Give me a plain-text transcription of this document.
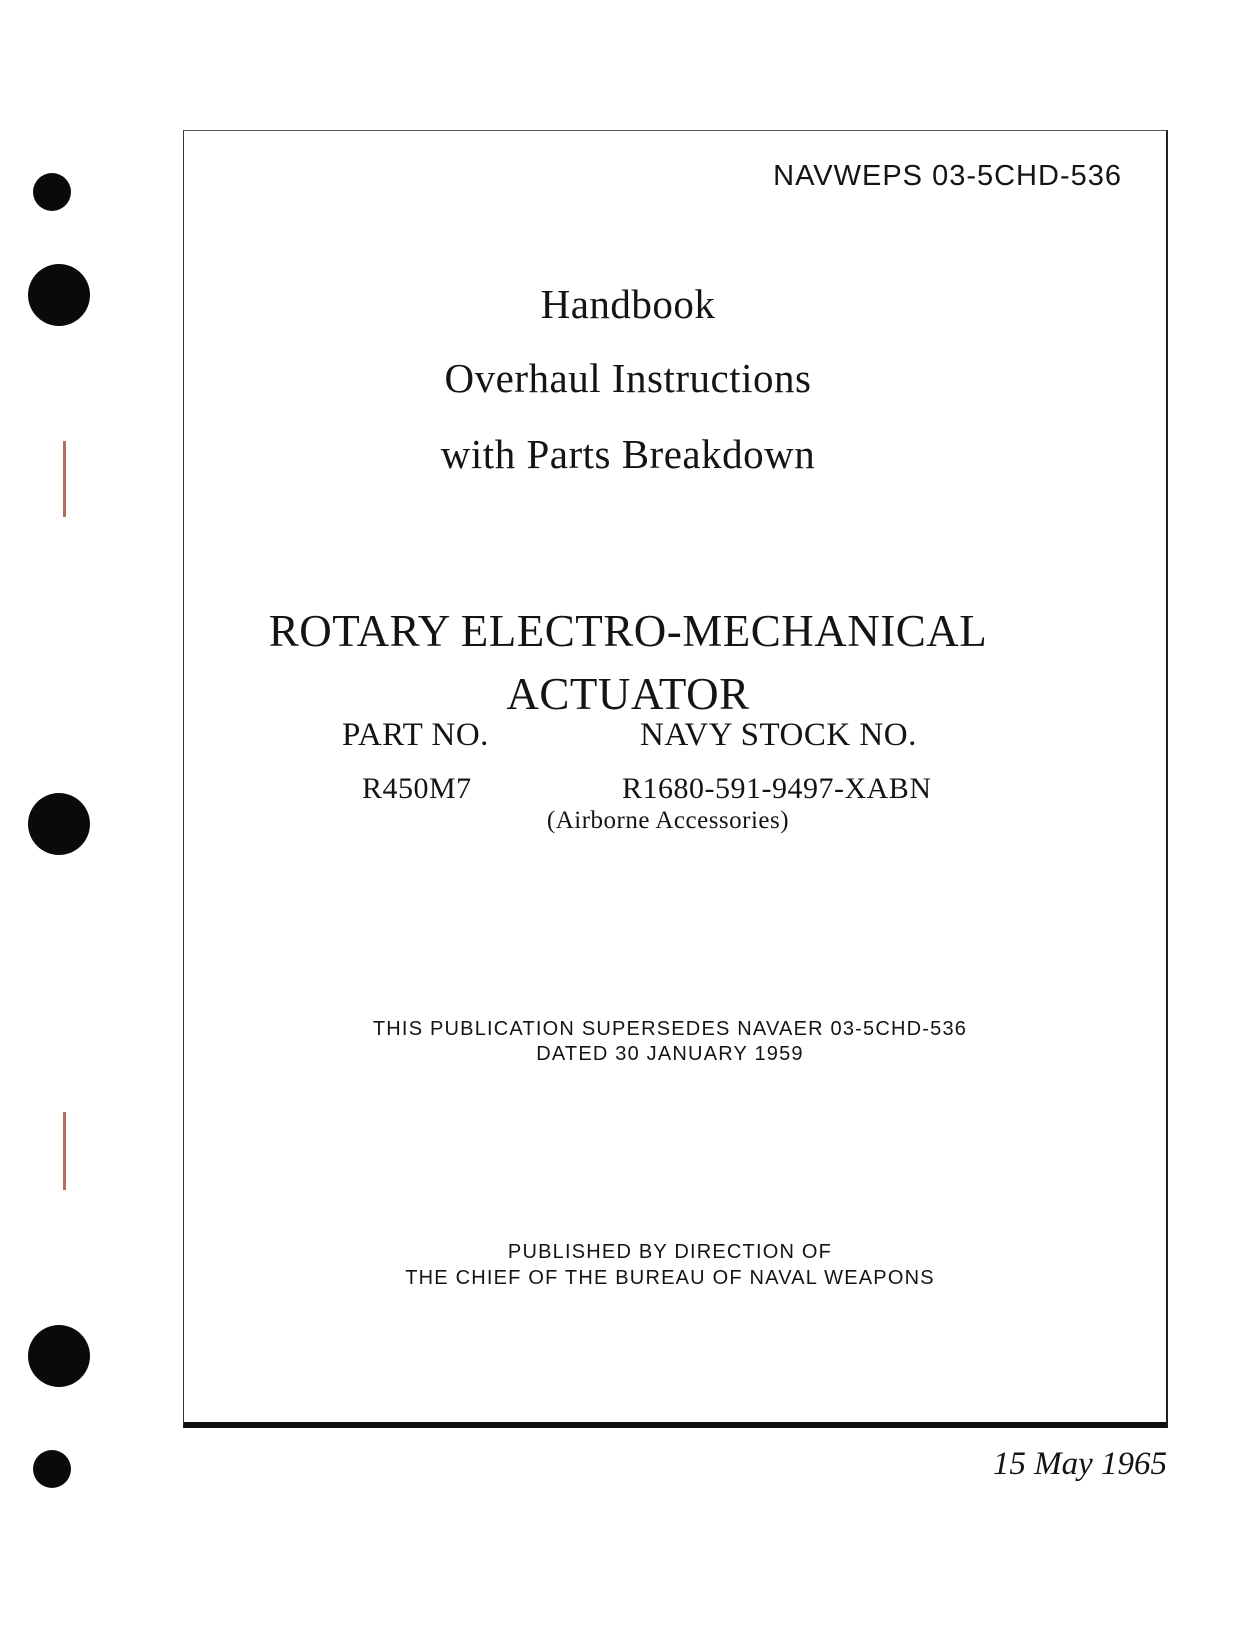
NAVWEPS 03-5CHD-536
Handbook
Overhaul Instructions
with Parts Breakdown
ROTARY ELECTRO-MECHANICAL
ACTUATOR
PART NO.	NAVY STOCK NO.
R450M7	R1680-591-9497-XABN
(Airborne Accessories)
THIS PUBLICATION SUPERSEDES NAVAER 03-5CHD-536
DATED 30 JANUARY 1959
PUBLISHED BY DIRECTION OF
THE CHIEF OF THE BUREAU OF NAVAL WEAPONS
15 May 1965
